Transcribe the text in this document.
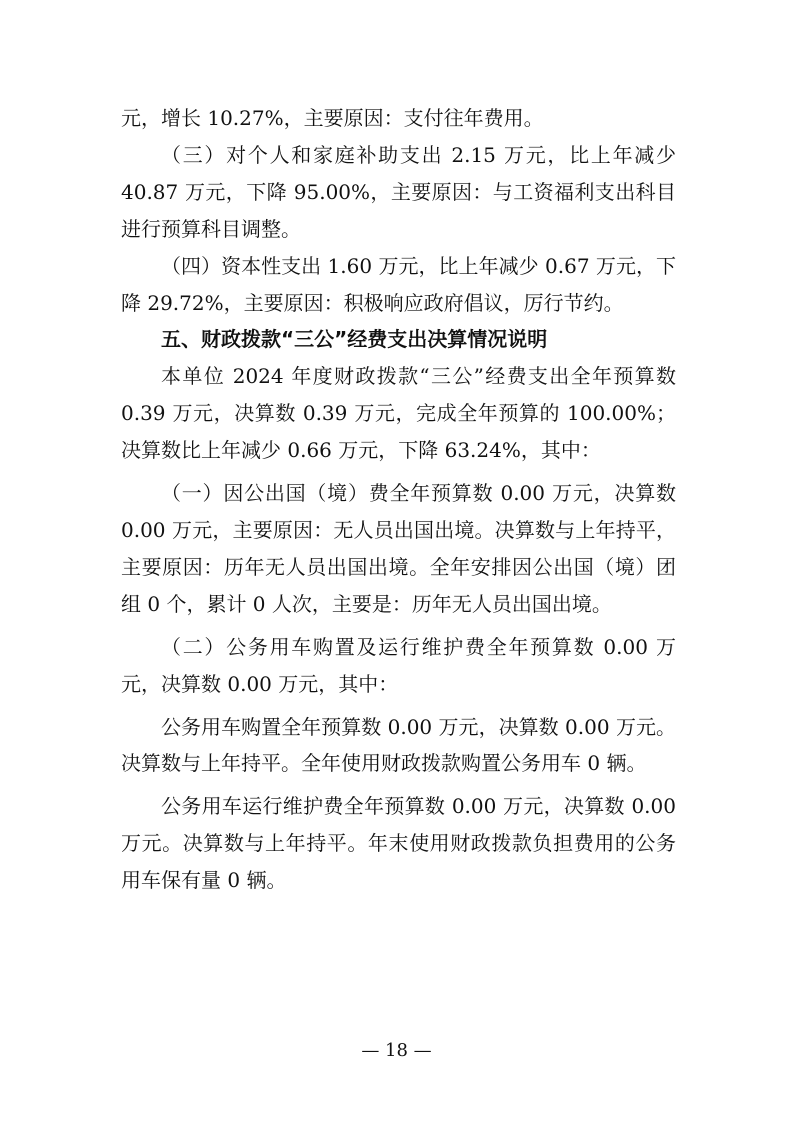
元，增长 10.27%，主要原因：支付往年费用。

（三）对个人和家庭补助支出 2.15 万元，比上年减少 40.87 万元，下降 95.00%，主要原因：与工资福利支出科目进行预算科目调整。

（四）资本性支出 1.60 万元，比上年减少 0.67 万元，下降 29.72%，主要原因：积极响应政府倡议，厉行节约。

五、财政拨款“三公”经费支出决算情况说明

本单位 2024 年度财政拨款“三公”经费支出全年预算数 0.39 万元，决算数 0.39 万元，完成全年预算的 100.00%；决算数比上年减少 0.66 万元，下降 63.24%，其中：

（一）因公出国（境）费全年预算数 0.00 万元，决算数 0.00 万元，主要原因：无人员出国出境。决算数与上年持平，主要原因：历年无人员出国出境。全年安排因公出国（境）团组 0 个，累计 0 人次，主要是：历年无人员出国出境。

（二）公务用车购置及运行维护费全年预算数 0.00 万元，决算数 0.00 万元，其中：

公务用车购置全年预算数 0.00 万元，决算数 0.00 万元。决算数与上年持平。全年使用财政拨款购置公务用车 0 辆。

公务用车运行维护费全年预算数 0.00 万元，决算数 0.00 万元。决算数与上年持平。年末使用财政拨款负担费用的公务用车保有量 0 辆。

— 18 —
